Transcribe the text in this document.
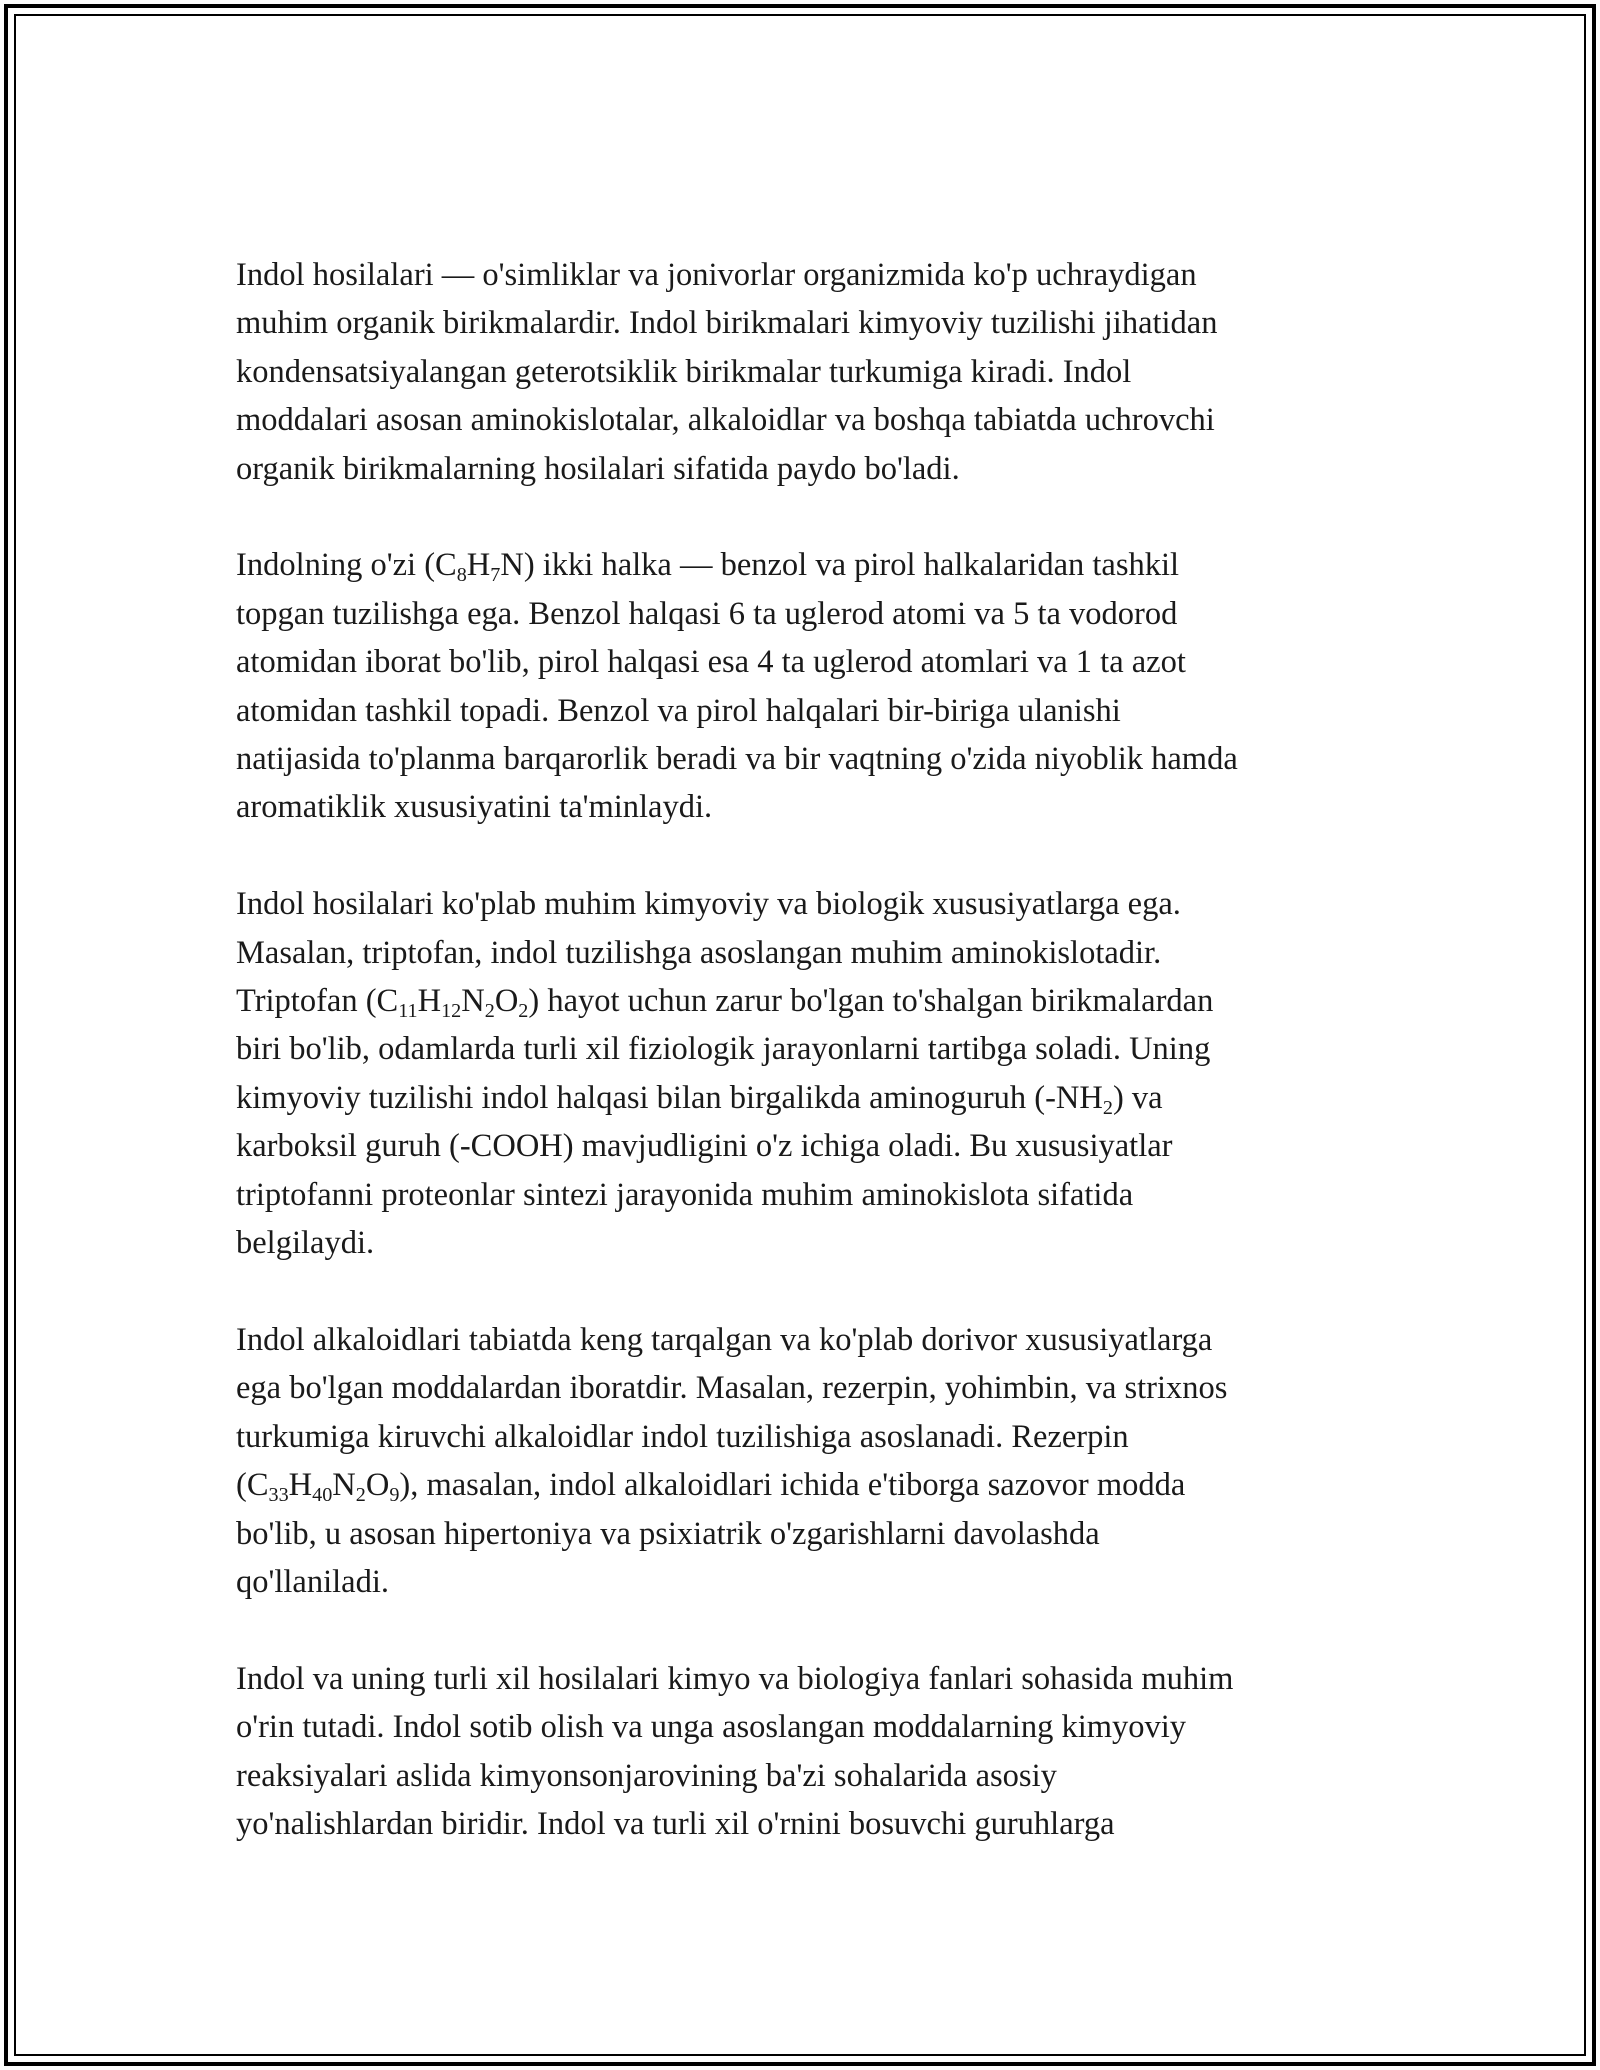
Indol hosilalari — o'simliklar va jonivorlar organizmida ko'p uchraydigan
muhim organik birikmalardir. Indol birikmalari kimyoviy tuzilishi jihatidan
kondensatsiyalangan geterotsiklik birikmalar turkumiga kiradi. Indol
moddalari asosan aminokislotalar, alkaloidlar va boshqa tabiatda uchrovchi
organik birikmalarning hosilalari sifatida paydo bo'ladi.

Indolning o'zi $(C_8H_7N)$ ikki halka — benzol va pirol halkalaridan tashkil
topgan tuzilishga ega. Benzol halqasi 6 ta uglerod atomi va 5 ta vodorod
atomidan iborat bo'lib, pirol halqasi esa 4 ta uglerod atomlari va 1 ta azot
atomidan tashkil topadi. Benzol va pirol halqalari bir-biriga ulanishi
natijasida to'planma barqarorlik beradi va bir vaqtning o'zida niyoblik hamda
aromatiklik xususiyatini ta'minlaydi.

Indol hosilalari ko'plab muhim kimyoviy va biologik xususiyatlarga ega.
Masalan, triptofan, indol tuzilishga asoslangan muhim aminokislotadir.
Triptofan $(C_{11}H_{12}N_2O_2)$ hayot uchun zarur bo'lgan to'shalgan birikmalardan
biri bo'lib, odamlarda turli xil fiziologik jarayonlarni tartibga soladi. Uning
kimyoviy tuzilishi indol halqasi bilan birgalikda aminoguruh $(-NH_2)$ va
karboksil guruh (-COOH) mavjudligini o'z ichiga oladi. Bu xususiyatlar
triptofanni proteonlar sintezi jarayonida muhim aminokislota sifatida
belgilaydi.

Indol alkaloidlari tabiatda keng tarqalgan va ko'plab dorivor xususiyatlarga
ega bo'lgan moddalardan iboratdir. Masalan, rezerpin, yohimbin, va strixnos
turkumiga kiruvchi alkaloidlar indol tuzilishiga asoslanadi. Rezerpin
$(C_{33}H_{40}N_2O_9)$, masalan, indol alkaloidlari ichida e'tiborga sazovor modda
bo'lib, u asosan hipertoniya va psixiatrik o'zgarishlarni davolashda
qo'llaniladi.

Indol va uning turli xil hosilalari kimyo va biologiya fanlari sohasida muhim
o'rin tutadi. Indol sotib olish va unga asoslangan moddalarning kimyoviy
reaksiyalari aslida kimyonsonjarovining ba'zi sohalarida asosiy
yo'nalishlardan biridir. Indol va turli xil o'rnini bosuvchi guruhlarga
